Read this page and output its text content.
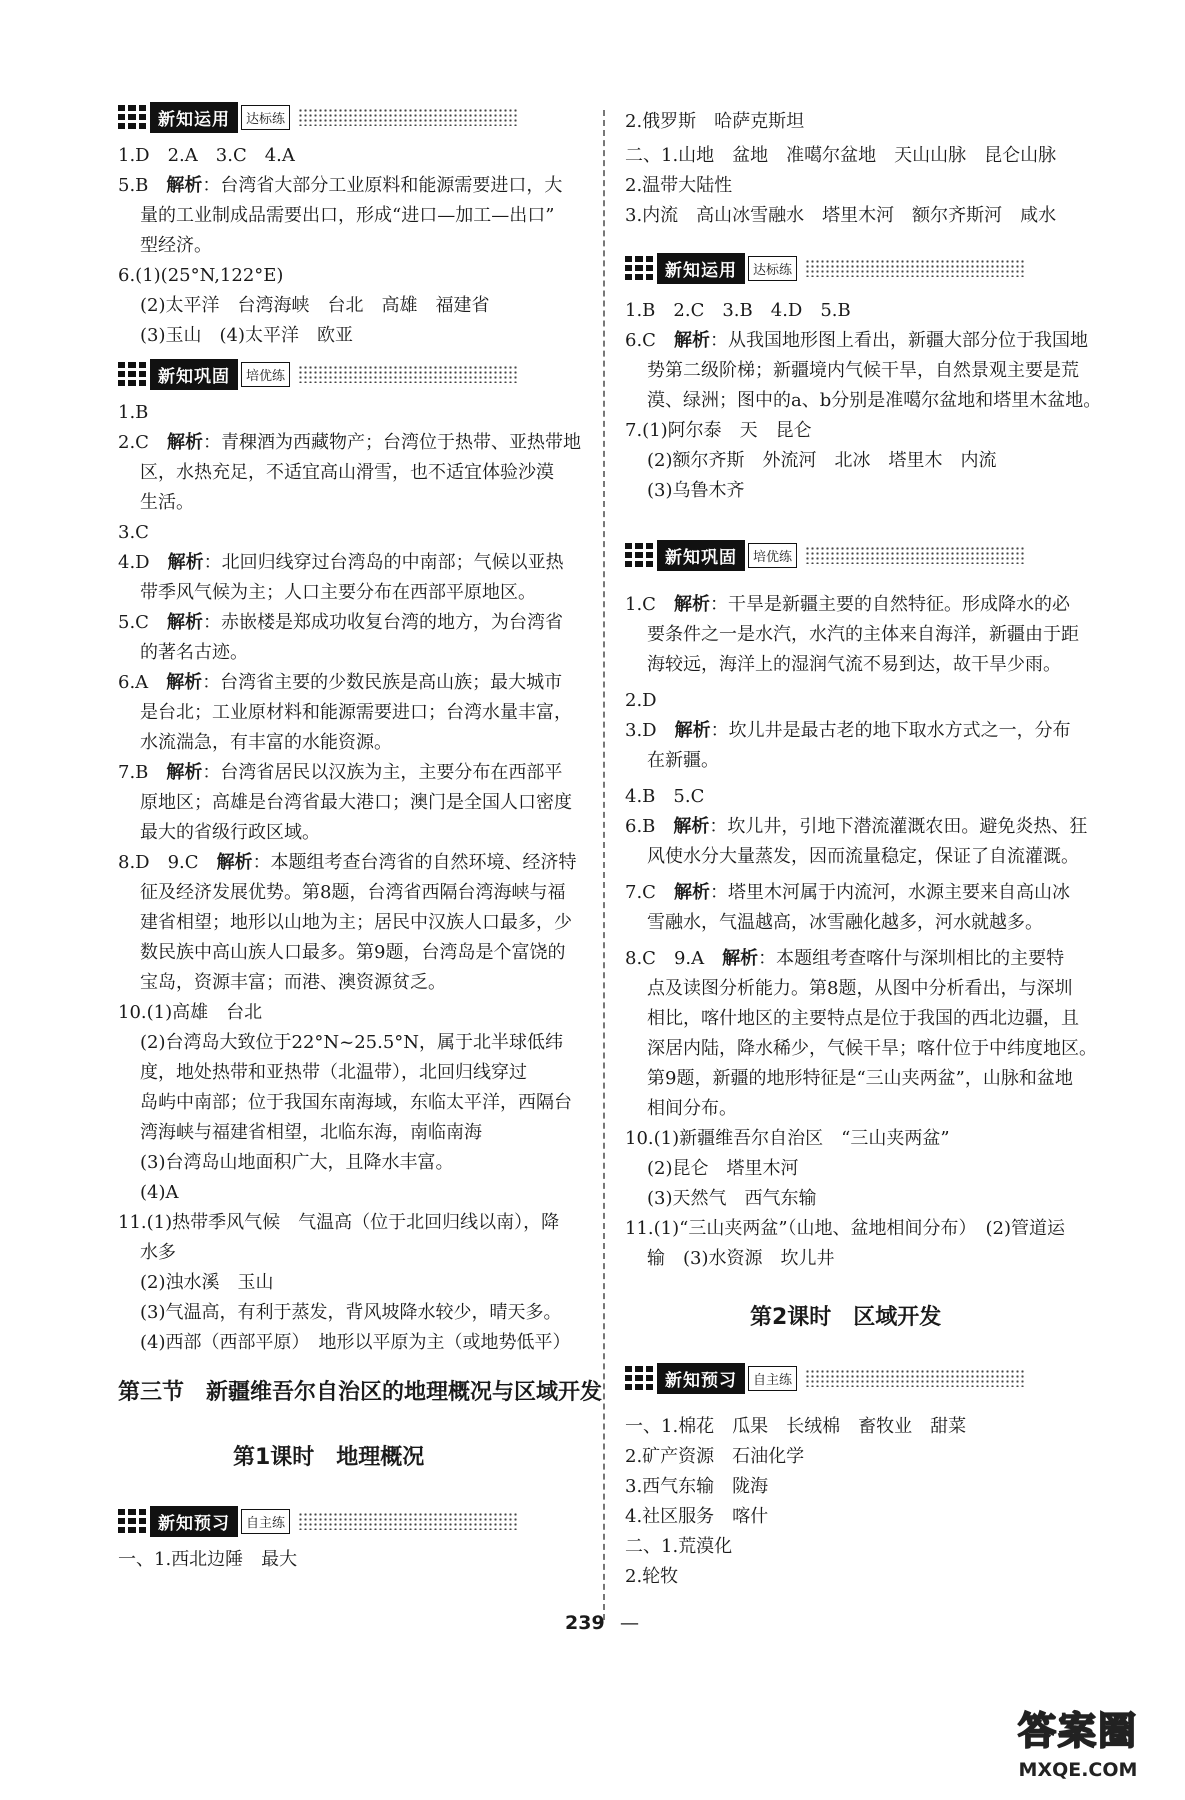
新知运用	达标练
1.D　2.A　3.C　4.A
5.B　解析：台湾省大部分工业原料和能源需要进口，大
量的工业制成品需要出口，形成“进口—加工—出口”
型经济。
6.(1)(25°N,122°E)
(2)太平洋　台湾海峡　台北　高雄　福建省
(3)玉山　(4)太平洋　欧亚
新知巩固	培优练
1.B
2.C　解析：青稞酒为西藏物产；台湾位于热带、亚热带地
区，水热充足，不适宜高山滑雪，也不适宜体验沙漠
生活。
3.C
4.D　解析：北回归线穿过台湾岛的中南部；气候以亚热
带季风气候为主；人口主要分布在西部平原地区。
5.C　解析：赤嵌楼是郑成功收复台湾的地方，为台湾省
的著名古迹。
6.A　解析：台湾省主要的少数民族是高山族；最大城市
是台北；工业原材料和能源需要进口；台湾水量丰富，
水流湍急，有丰富的水能资源。
7.B　解析：台湾省居民以汉族为主，主要分布在西部平
原地区；高雄是台湾省最大港口；澳门是全国人口密度
最大的省级行政区域。
8.D　9.C　解析：本题组考查台湾省的自然环境、经济特
征及经济发展优势。第8题，台湾省西隔台湾海峡与福
建省相望；地形以山地为主；居民中汉族人口最多，少
数民族中高山族人口最多。第9题，台湾岛是个富饶的
宝岛，资源丰富；而港、澳资源贫乏。
10.(1)高雄　台北
(2)台湾岛大致位于22°N~25.5°N，属于北半球低纬
度，地处热带和亚热带（北温带），北回归线穿过
岛屿中南部；位于我国东南海域，东临太平洋，西隔台
湾海峡与福建省相望，北临东海，南临南海
(3)台湾岛山地面积广大，且降水丰富。
(4)A
11.(1)热带季风气候　气温高（位于北回归线以南），降
水多
(2)浊水溪　玉山
(3)气温高，有利于蒸发，背风坡降水较少，晴天多。
(4)西部（西部平原）　地形以平原为主（或地势低平）
第三节　新疆维吾尔自治区的地理概况与区域开发
第1课时　地理概况
新知预习	自主练
一、1.西北边陲　最大
2.俄罗斯　哈萨克斯坦
二、1.山地　盆地　准噶尔盆地　天山山脉　昆仑山脉
2.温带大陆性
3.内流　高山冰雪融水　塔里木河　额尔齐斯河　咸水
新知运用	达标练
1.B　2.C　3.B　4.D　5.B
6.C　解析：从我国地形图上看出，新疆大部分位于我国地
势第二级阶梯；新疆境内气候干旱，自然景观主要是荒
漠、绿洲；图中的a、b分别是准噶尔盆地和塔里木盆地。
7.(1)阿尔泰　天　昆仑
(2)额尔齐斯　外流河　北冰　塔里木　内流
(3)乌鲁木齐
新知巩固	培优练
1.C　解析：干旱是新疆主要的自然特征。形成降水的必
要条件之一是水汽，水汽的主体来自海洋，新疆由于距
海较远，海洋上的湿润气流不易到达，故干旱少雨。
2.D
3.D　解析：坎儿井是最古老的地下取水方式之一，分布
在新疆。
4.B　5.C
6.B　解析：坎儿井，引地下潜流灌溉农田。避免炎热、狂
风使水分大量蒸发，因而流量稳定，保证了自流灌溉。
7.C　解析：塔里木河属于内流河，水源主要来自高山冰
雪融水，气温越高，冰雪融化越多，河水就越多。
8.C　9.A　解析：本题组考查喀什与深圳相比的主要特
点及读图分析能力。第8题，从图中分析看出，与深圳
相比，喀什地区的主要特点是位于我国的西北边疆，且
深居内陆，降水稀少，气候干旱；喀什位于中纬度地区。
第9题，新疆的地形特征是“三山夹两盆”，山脉和盆地
相间分布。
10.(1)新疆维吾尔自治区　“三山夹两盆”
(2)昆仑　塔里木河
(3)天然气　西气东输
11.(1)“三山夹两盆”（山地、盆地相间分布）　(2)管道运
输　(3)水资源　坎儿井
第2课时　区域开发
新知预习	自主练
一、1.棉花　瓜果　长绒棉　畜牧业　甜菜
2.矿产资源　石油化学
3.西气东输　陇海
4.社区服务　喀什
二、1.荒漠化
2.轮牧
239 —
答案圈
MXQE.COM
